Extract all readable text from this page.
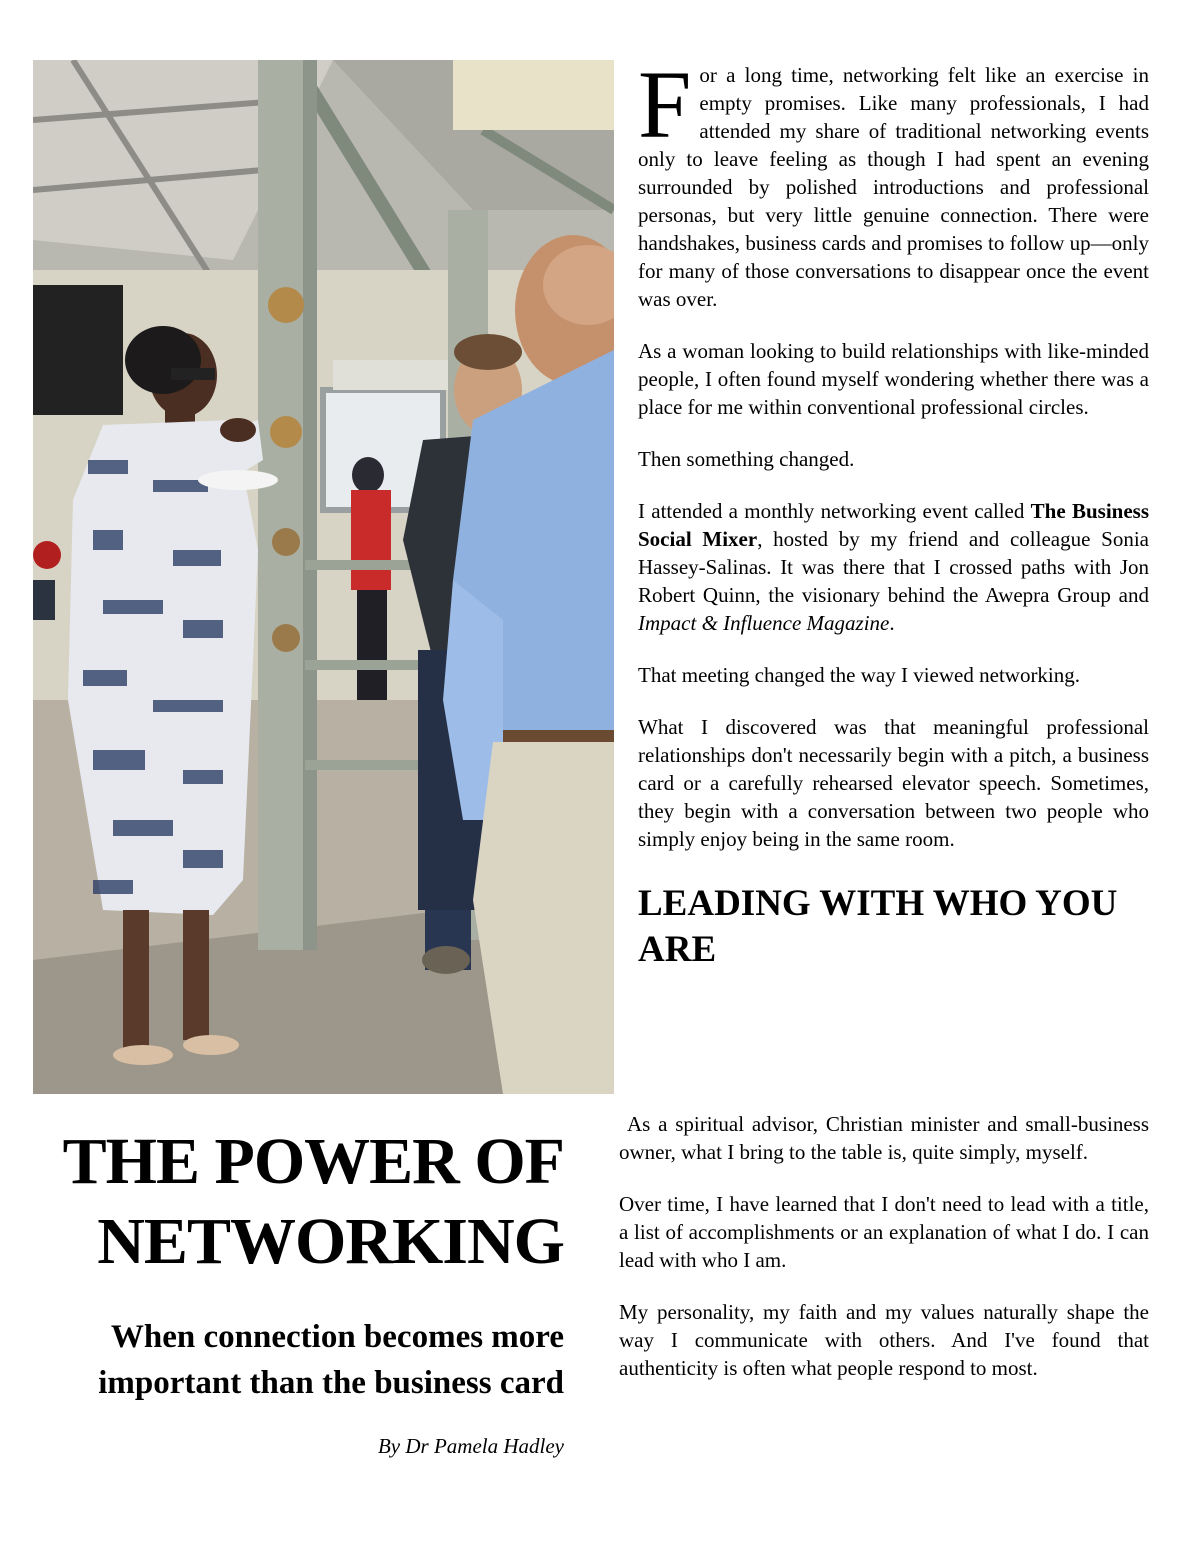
THE POWER OF NETWORKING
When connection becomes more important than the business card
By Dr Pamela Hadley

For a long time, networking felt like an exercise in empty promises. Like many professionals, I had attended my share of traditional networking events only to leave feeling as though I had spent an evening surrounded by polished introductions and professional personas, but very little genuine connection. There were handshakes, business cards and promises to follow up—only for many of those conversations to disappear once the event was over.

As a woman looking to build relationships with like-minded people, I often found myself wondering whether there was a place for me within conventional professional circles.

Then something changed.

I attended a monthly networking event called The Business Social Mixer, hosted by my friend and colleague Sonia Hassey-Salinas. It was there that I crossed paths with Jon Robert Quinn, the visionary behind the Awepra Group and Impact & Influence Magazine.

That meeting changed the way I viewed networking.

What I discovered was that meaningful professional relationships don't necessarily begin with a pitch, a business card or a carefully rehearsed elevator speech. Sometimes, they begin with a conversation between two people who simply enjoy being in the same room.

LEADING WITH WHO YOU ARE

As a spiritual advisor, Christian minister and small-business owner, what I bring to the table is, quite simply, myself.

Over time, I have learned that I don't need to lead with a title, a list of accomplishments or an explanation of what I do. I can lead with who I am.

My personality, my faith and my values naturally shape the way I communicate with others. And I've found that authenticity is often what people respond to most.
